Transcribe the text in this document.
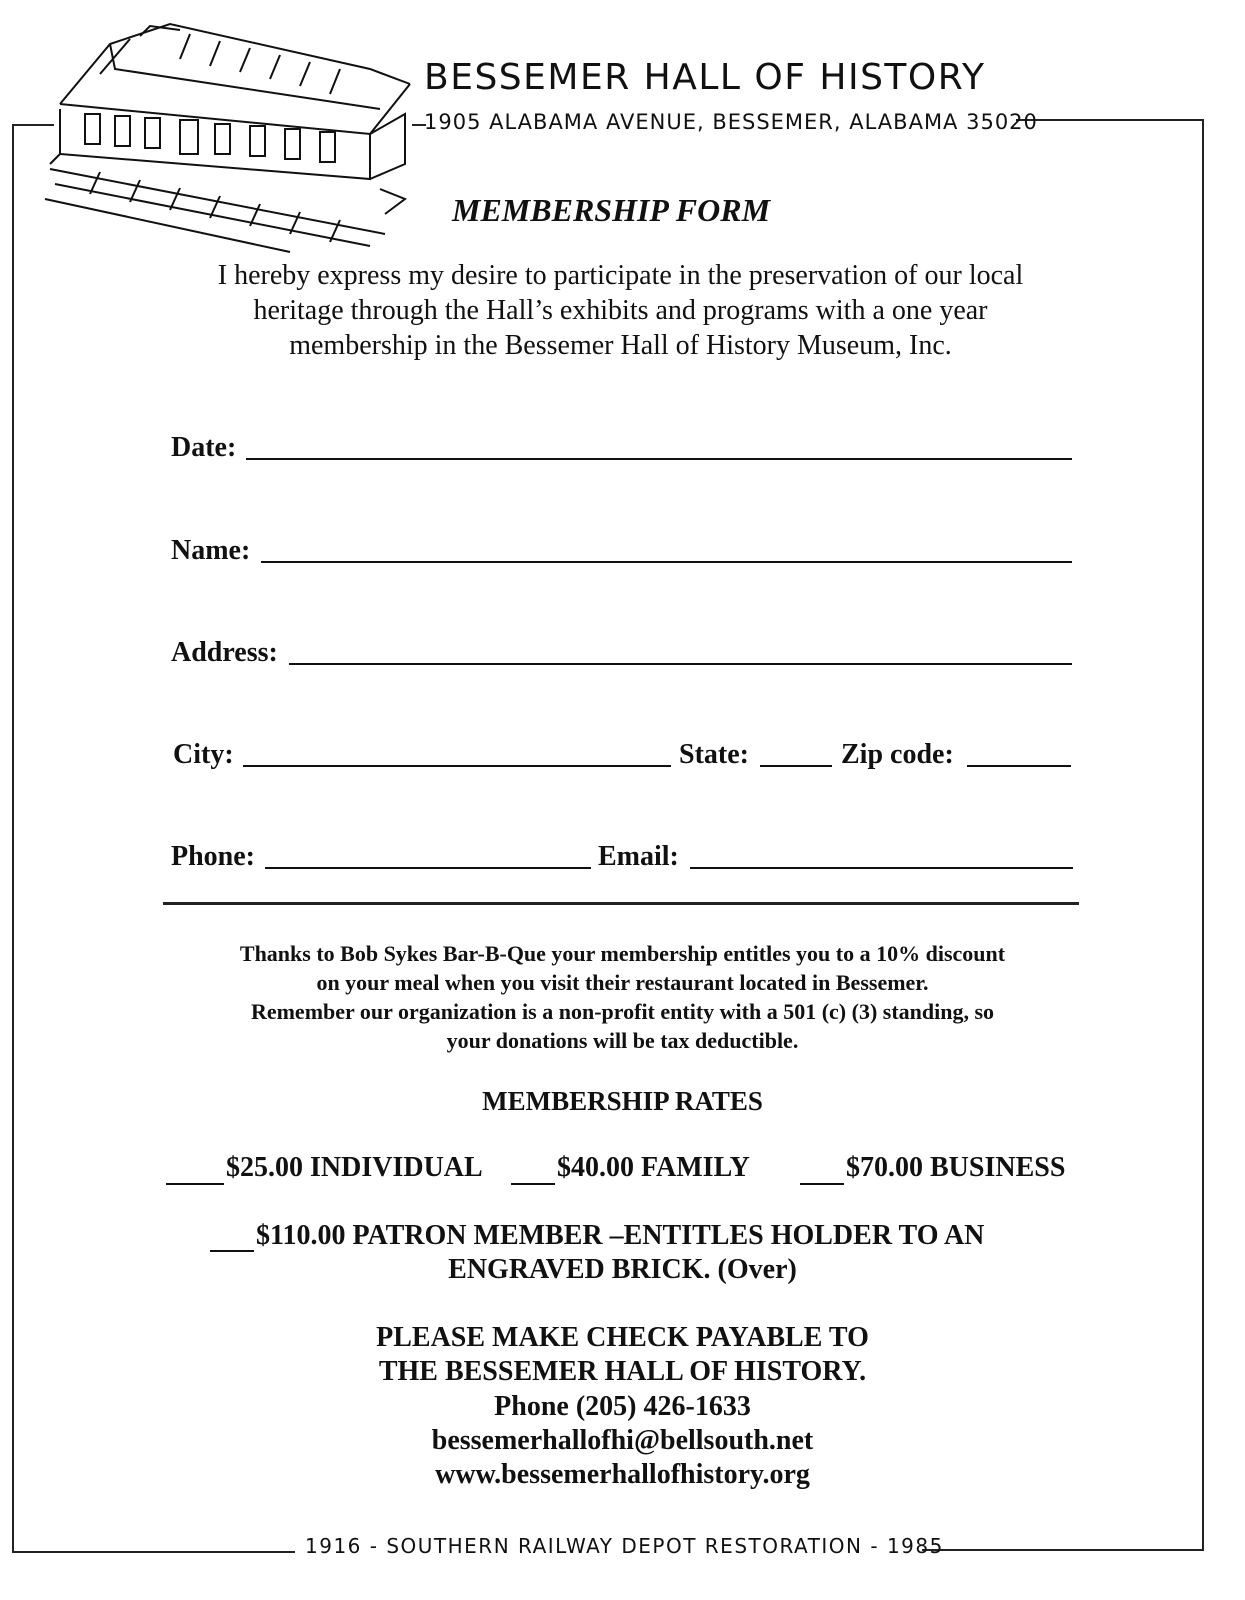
BESSEMER HALL OF HISTORY
1905 ALABAMA AVENUE, BESSEMER, ALABAMA 35020
MEMBERSHIP FORM
I hereby express my desire to participate in the preservation of our local
heritage through the Hall’s exhibits and programs with a one year
membership in the Bessemer Hall of History Museum, Inc.
Date:
Name:
Address:
City:	State:	Zip code:
Phone:	Email:
Thanks to Bob Sykes Bar-B-Que your membership entitles you to a 10% discount
on your meal when you visit their restaurant located in Bessemer.
Remember our organization is a non-profit entity with a 501 (c) (3) standing, so
your donations will be tax deductible.
MEMBERSHIP RATES
$25.00 INDIVIDUAL	$40.00 FAMILY	$70.00 BUSINESS
$110.00 PATRON MEMBER –ENTITLES HOLDER TO AN
ENGRAVED BRICK. (Over)
PLEASE MAKE CHECK PAYABLE TO
THE BESSEMER HALL OF HISTORY.
Phone (205) 426-1633
bessemerhallofhi@bellsouth.net
www.bessemerhallofhistory.org
1916 - SOUTHERN RAILWAY DEPOT RESTORATION - 1985
